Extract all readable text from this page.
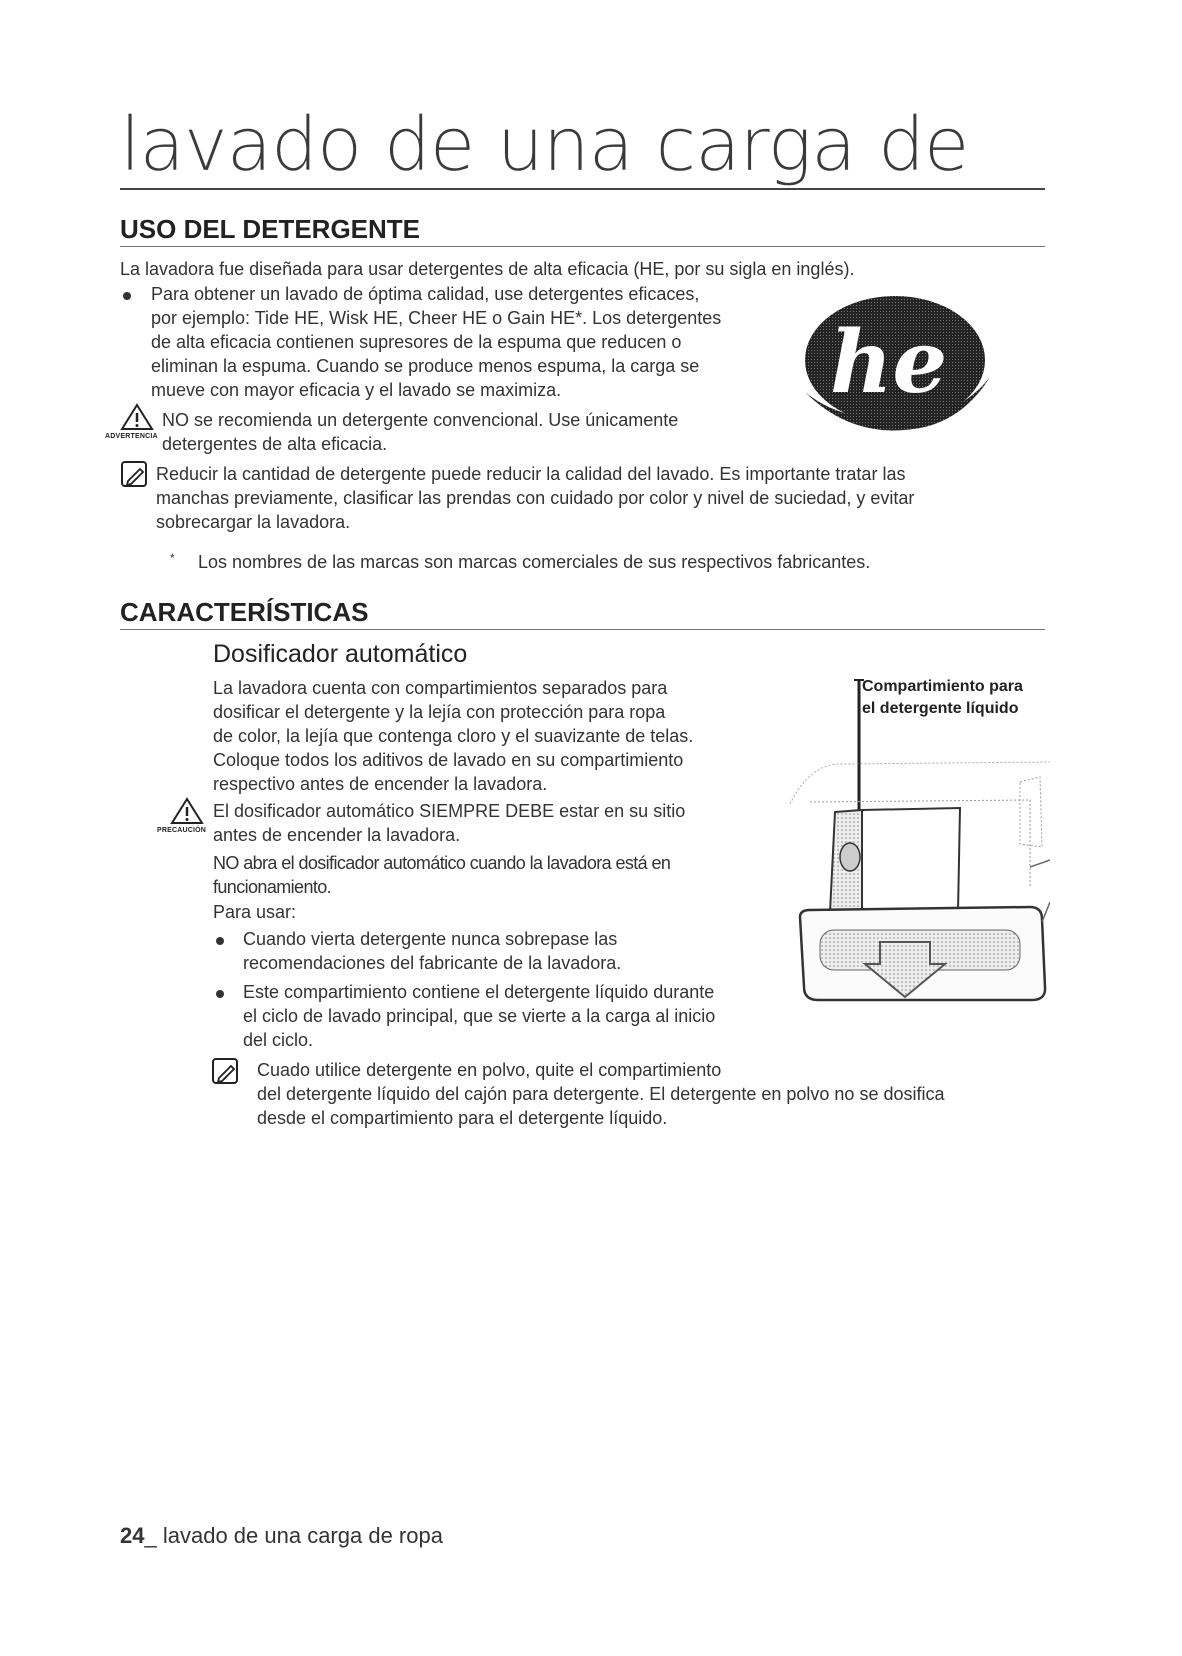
lavado de una carga de
USO DEL DETERGENTE
La lavadora fue diseñada para usar detergentes de alta eficacia (HE, por su sigla en inglés).
Para obtener un lavado de óptima calidad, use detergentes eficaces,
por ejemplo: Tide HE, Wisk HE, Cheer HE o Gain HE*. Los detergentes
de alta eficacia contienen supresores de la espuma que reducen o
eliminan la espuma. Cuando se produce menos espuma, la carga se
mueve con mayor eficacia y el lavado se maximiza.	he
ADVERTENCIA
NO se recomienda un detergente convencional. Use únicamente
detergentes de alta eficacia.
Reducir la cantidad de detergente puede reducir la calidad del lavado. Es importante tratar las
manchas previamente, clasificar las prendas con cuidado por color y nivel de suciedad, y evitar
sobrecargar la lavadora.
* Los nombres de las marcas son marcas comerciales de sus respectivos fabricantes.
CARACTERÍSTICAS
Dosificador automático
La lavadora cuenta con compartimientos separados para
dosificar el detergente y la lejía con protección para ropa
de color, la lejía que contenga cloro y el suavizante de telas.
Coloque todos los aditivos de lavado en su compartimiento
respectivo antes de encender la lavadora.
PRECAUCIÓN
El dosificador automático SIEMPRE DEBE estar en su sitio
antes de encender la lavadora.
NO abra el dosificador automático cuando la lavadora está en
funcionamiento.
Para usar:
Cuando vierta detergente nunca sobrepase las
recomendaciones del fabricante de la lavadora.
Este compartimiento contiene el detergente líquido durante
el ciclo de lavado principal, que se vierte a la carga al inicio
del ciclo.
Cuado utilice detergente en polvo, quite el compartimiento
del detergente líquido del cajón para detergente. El detergente en polvo no se dosifica
desde el compartimiento para el detergente líquido.
Compartimiento para
el detergente líquido
24_ lavado de una carga de ropa
